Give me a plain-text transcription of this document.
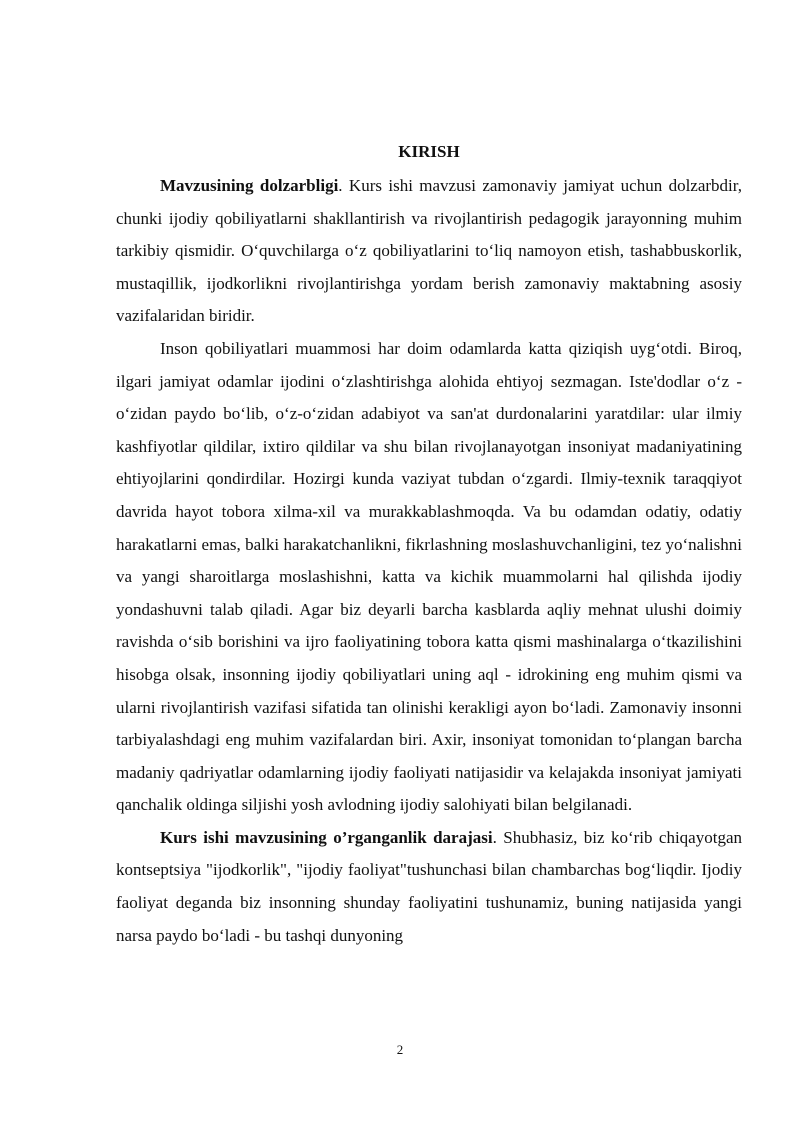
KIRISH

Mavzusining dolzarbligi. Kurs ishi mavzusi zamonaviy jamiyat uchun dolzarbdir, chunki ijodiy qobiliyatlarni shakllantirish va rivojlantirish pedagogik jarayonning muhim tarkibiy qismidir. O‘quvchilarga o‘z qobiliyatlarini to‘liq namoyon etish, tashabbuskorlik, mustaqillik, ijodkorlikni rivojlantirishga yordam berish zamonaviy maktabning asosiy vazifalaridan biridir.

Inson qobiliyatlari muammosi har doim odamlarda katta qiziqish uyg‘otdi. Biroq, ilgari jamiyat odamlar ijodini o‘zlashtirishga alohida ehtiyoj sezmagan. Iste'dodlar o‘z - o‘zidan paydo bo‘lib, o‘z-o‘zidan adabiyot va san'at durdonalarini yaratdilar: ular ilmiy kashfiyotlar qildilar, ixtiro qildilar va shu bilan rivojlanayotgan insoniyat madaniyatining ehtiyojlarini qondirdilar. Hozirgi kunda vaziyat tubdan o‘zgardi. Ilmiy-texnik taraqqiyot davrida hayot tobora xilma-xil va murakkablashmoqda. Va bu odamdan odatiy, odatiy harakatlarni emas, balki harakatchanlikni, fikrlashning moslashuvchanligini, tez yo‘nalishni va yangi sharoitlarga moslashishni, katta va kichik muammolarni hal qilishda ijodiy yondashuvni talab qiladi. Agar biz deyarli barcha kasblarda aqliy mehnat ulushi doimiy ravishda o‘sib borishini va ijro faoliyatining tobora katta qismi mashinalarga o‘tkazilishini hisobga olsak, insonning ijodiy qobiliyatlari uning aql - idrokining eng muhim qismi va ularni rivojlantirish vazifasi sifatida tan olinishi kerakligi ayon bo‘ladi. Zamonaviy insonni tarbiyalashdagi eng muhim vazifalardan biri. Axir, insoniyat tomonidan to‘plangan barcha madaniy qadriyatlar odamlarning ijodiy faoliyati natijasidir va kelajakda insoniyat jamiyati qanchalik oldinga siljishi yosh avlodning ijodiy salohiyati bilan belgilanadi.

Kurs ishi mavzusining o’rganganlik darajasi. Shubhasiz, biz ko‘rib chiqayotgan kontseptsiya "ijodkorlik", "ijodiy faoliyat"tushunchasi bilan chambarchas bog‘liqdir. Ijodiy faoliyat deganda biz insonning shunday faoliyatini tushunamiz, buning natijasida yangi narsa paydo bo‘ladi - bu tashqi dunyoning

2
